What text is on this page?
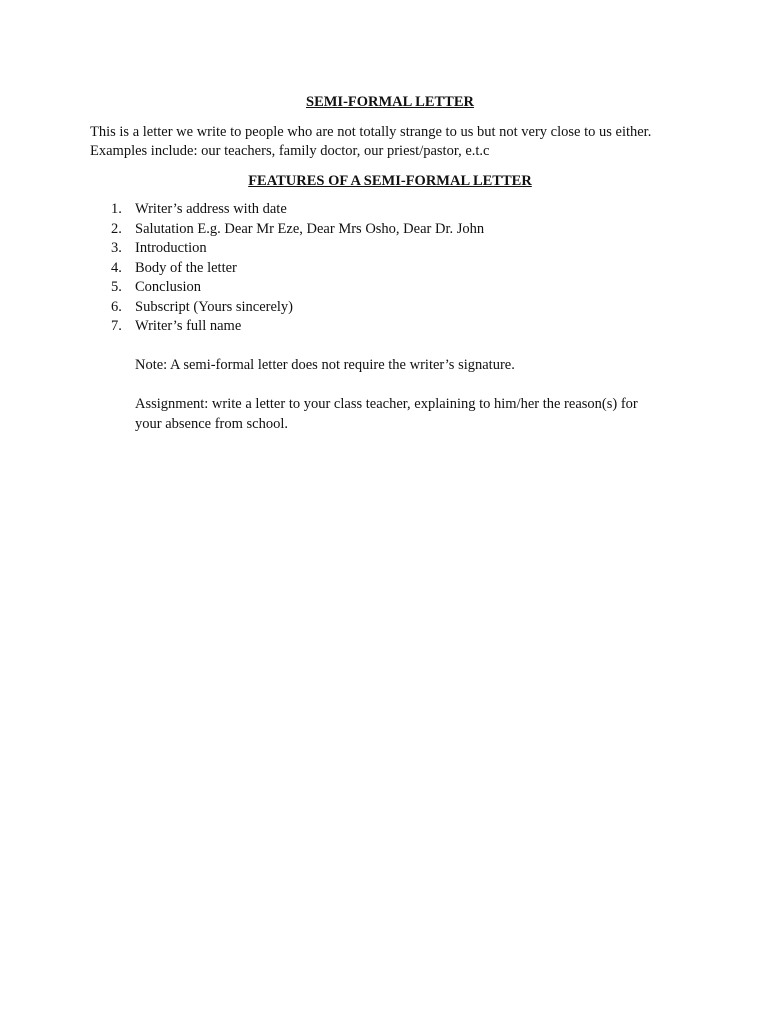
SEMI-FORMAL LETTER
This is a letter we write to people who are not totally strange to us but not very close to us either.
Examples include: our teachers, family doctor, our priest/pastor, e.t.c
FEATURES OF A SEMI-FORMAL LETTER
1. Writer’s address with date
2. Salutation E.g. Dear Mr Eze, Dear Mrs Osho, Dear Dr. John
3. Introduction
4. Body of the letter
5. Conclusion
6. Subscript (Yours sincerely)
7. Writer’s full name
Note: A semi-formal letter does not require the writer’s signature.
Assignment: write a letter to your class teacher, explaining to him/her the reason(s) for
your absence from school.
